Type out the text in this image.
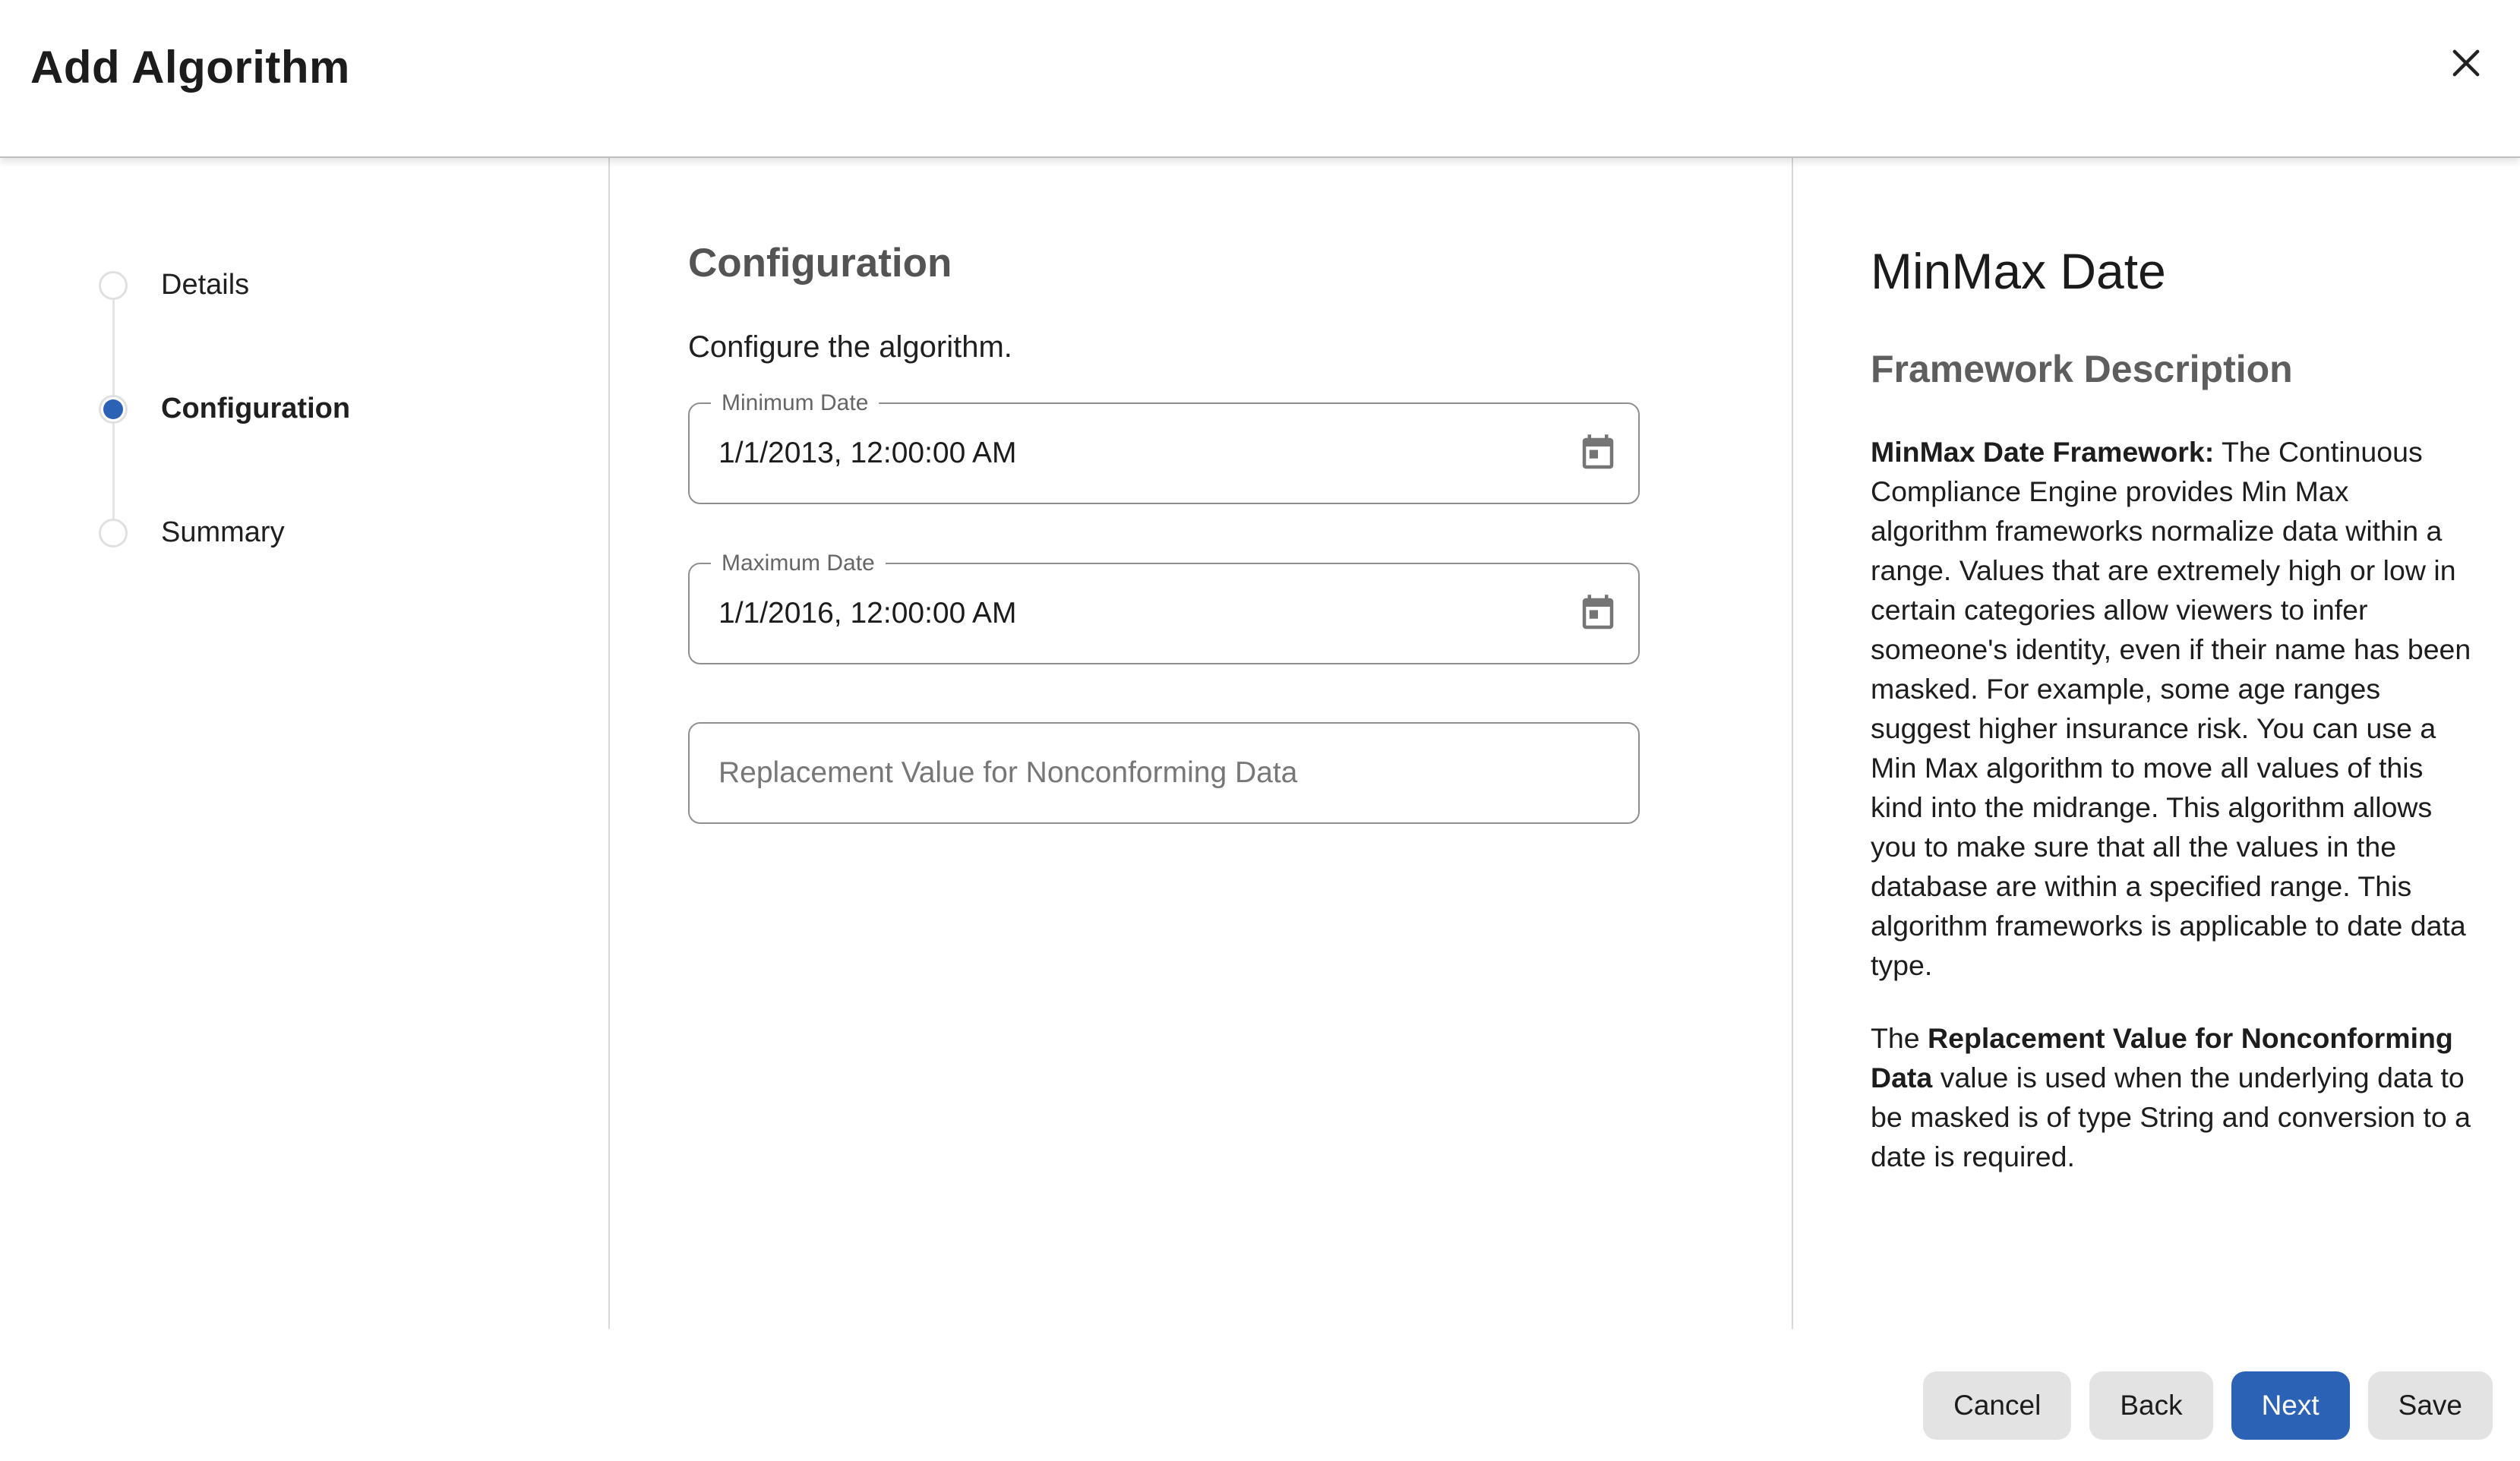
Add Algorithm
Details
Configuration
Summary
Configuration
Configure the algorithm.
Minimum Date
1/1/2013, 12:00:00 AM
Maximum Date
1/1/2016, 12:00:00 AM
Replacement Value for Nonconforming Data
MinMax Date
Framework Description

MinMax Date Framework: The Continuous Compliance Engine provides Min Max algorithm frameworks normalize data within a range. Values that are extremely high or low in certain categories allow viewers to infer someone's identity, even if their name has been masked. For example, some age ranges suggest higher insurance risk. You can use a Min Max algorithm to move all values of this kind into the midrange. This algorithm allows you to make sure that all the values in the database are within a specified range. This algorithm frameworks is applicable to date data type.

The Replacement Value for Nonconforming Data value is used when the underlying data to be masked is of type String and conversion to a date is required.

Cancel	Back	Next	Save
